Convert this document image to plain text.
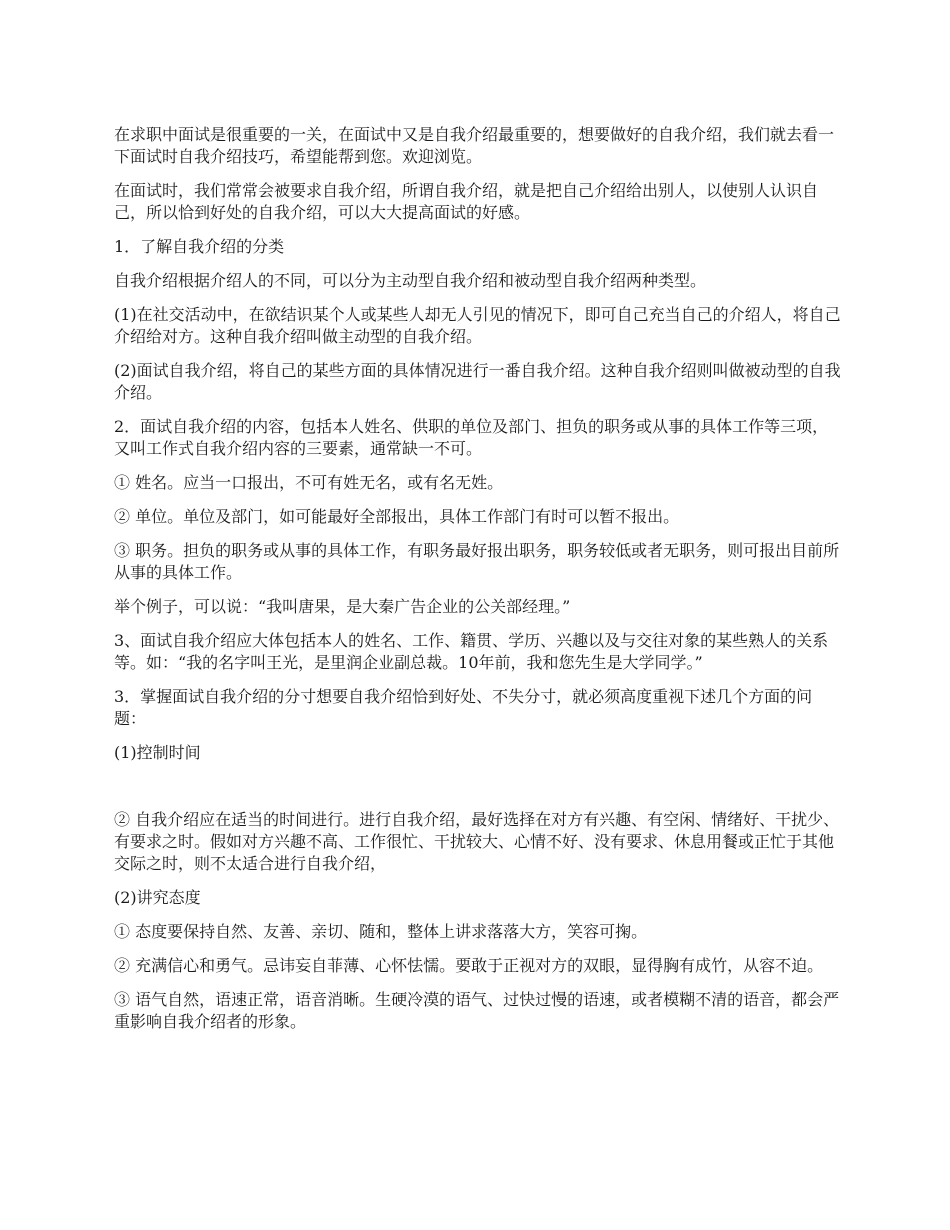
在求职中面试是很重要的一关，在面试中又是自我介绍最重要的，想要做好的自我介绍，我们就去看一下面试时自我介绍技巧，希望能帮到您。欢迎浏览。

在面试时，我们常常会被要求自我介绍，所谓自我介绍，就是把自己介绍给出别人，以使别人认识自己，所以恰到好处的自我介绍，可以大大提高面试的好感。

1．了解自我介绍的分类

自我介绍根据介绍人的不同，可以分为主动型自我介绍和被动型自我介绍两种类型。

(1)在社交活动中，在欲结识某个人或某些人却无人引见的情况下，即可自己充当自己的介绍人，将自己介绍给对方。这种自我介绍叫做主动型的自我介绍。

(2)面试自我介绍，将自己的某些方面的具体情况进行一番自我介绍。这种自我介绍则叫做被动型的自我介绍。

2．面试自我介绍的内容，包括本人姓名、供职的单位及部门、担负的职务或从事的具体工作等三项，又叫工作式自我介绍内容的三要素，通常缺一不可。

① 姓名。应当一口报出，不可有姓无名，或有名无姓。

② 单位。单位及部门，如可能最好全部报出，具体工作部门有时可以暂不报出。

③ 职务。担负的职务或从事的具体工作，有职务最好报出职务，职务较低或者无职务，则可报出目前所从事的具体工作。

举个例子，可以说：“我叫唐果，是大秦广告企业的公关部经理。”

3、面试自我介绍应大体包括本人的姓名、工作、籍贯、学历、兴趣以及与交往对象的某些熟人的关系等。如：“我的名字叫王光，是里润企业副总裁。10年前，我和您先生是大学同学。”

3．掌握面试自我介绍的分寸想要自我介绍恰到好处、不失分寸，就必须高度重视下述几个方面的问题：

(1)控制时间

② 自我介绍应在适当的时间进行。进行自我介绍，最好选择在对方有兴趣、有空闲、情绪好、干扰少、有要求之时。假如对方兴趣不高、工作很忙、干扰较大、心情不好、没有要求、休息用餐或正忙于其他交际之时，则不太适合进行自我介绍，

(2)讲究态度

① 态度要保持自然、友善、亲切、随和，整体上讲求落落大方，笑容可掬。

② 充满信心和勇气。忌讳妄自菲薄、心怀怯懦。要敢于正视对方的双眼，显得胸有成竹，从容不迫。

③ 语气自然，语速正常，语音消晰。生硬冷漠的语气、过快过慢的语速，或者模糊不清的语音，都会严重影响自我介绍者的形象。
